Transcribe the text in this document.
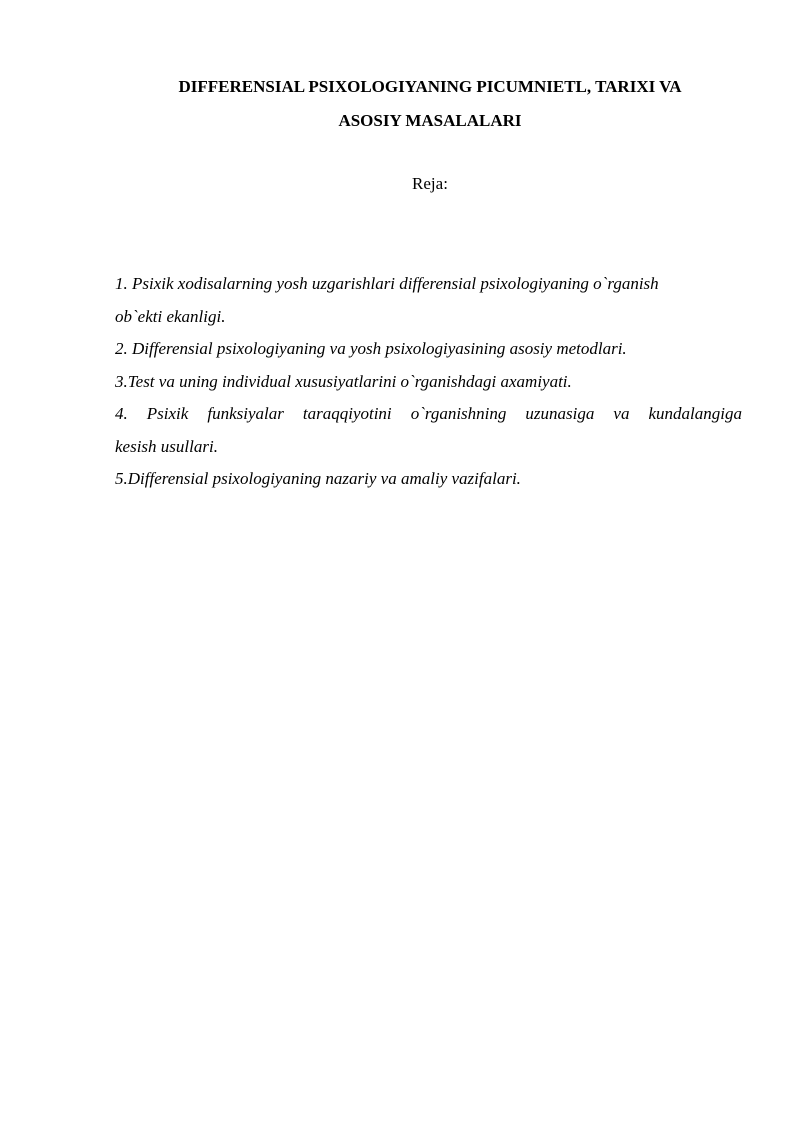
DIFFERENSIAL PSIXOLOGIYANING PICUMNIETL, TARIXI VA
ASOSIY MASALALARI

Reja:

1. Psixik xodisalarning yosh uzgarishlari differensial psixologiyaning o`rganish
ob`ekti ekanligi.
2. Differensial psixologiyaning va yosh psixologiyasining asosiy metodlari.
3.Test va uning individual xususiyatlarini o`rganishdagi axamiyati.
4. Psixik funksiyalar taraqqiyotini o`rganishning uzunasiga va kundalangiga
kesish usullari.
5.Differensial psixologiyaning nazariy va amaliy vazifalari.
